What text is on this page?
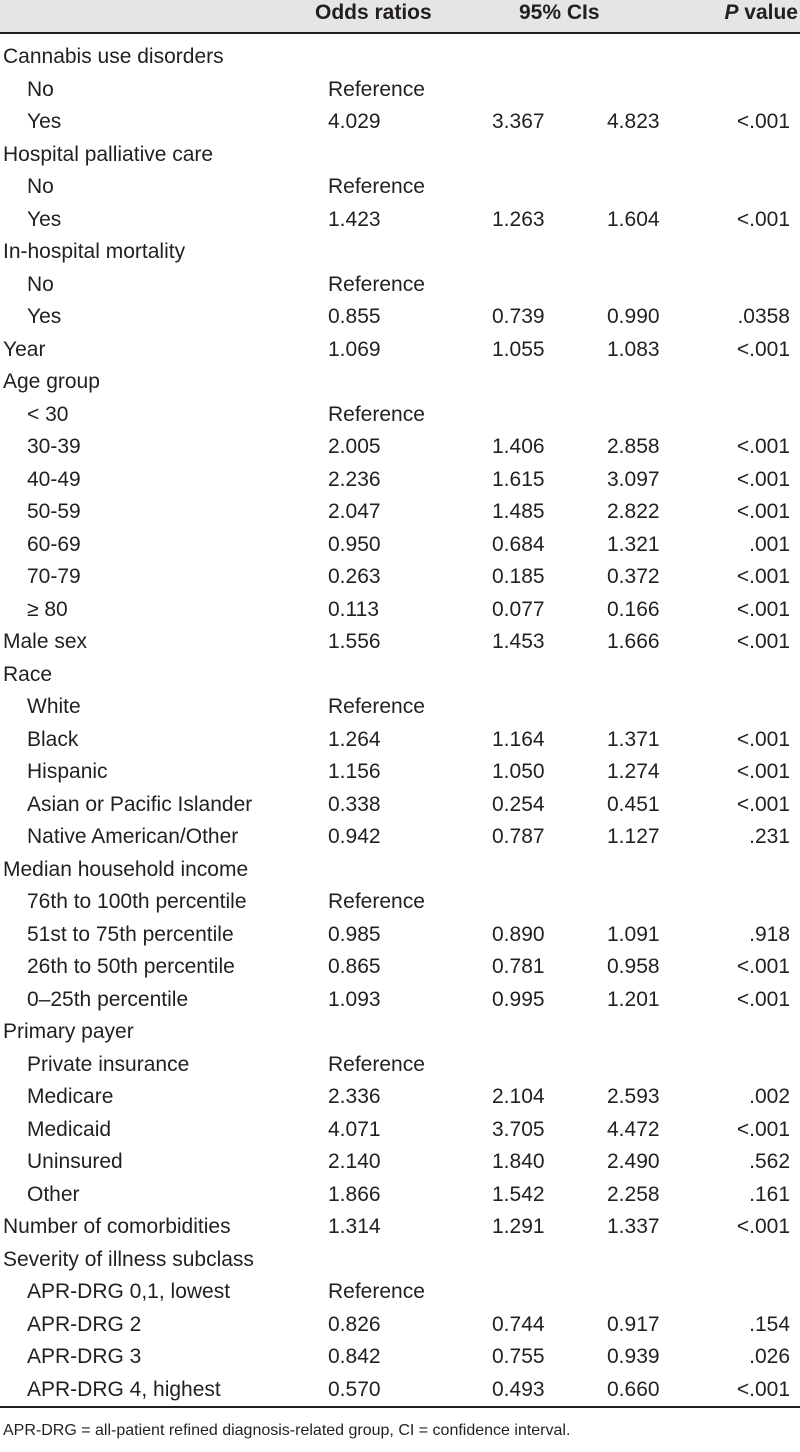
Odds ratios	95% CIs	P value
Cannabis use disorders
No	Reference
Yes	4.029	3.367	4.823	<.001
Hospital palliative care
No	Reference
Yes	1.423	1.263	1.604	<.001
In-hospital mortality
No	Reference
Yes	0.855	0.739	0.990	.0358
Year	1.069	1.055	1.083	<.001
Age group
< 30	Reference
30-39	2.005	1.406	2.858	<.001
40-49	2.236	1.615	3.097	<.001
50-59	2.047	1.485	2.822	<.001
60-69	0.950	0.684	1.321	.001
70-79	0.263	0.185	0.372	<.001
≥ 80	0.113	0.077	0.166	<.001
Male sex	1.556	1.453	1.666	<.001
Race
White	Reference
Black	1.264	1.164	1.371	<.001
Hispanic	1.156	1.050	1.274	<.001
Asian or Pacific Islander	0.338	0.254	0.451	<.001
Native American/Other	0.942	0.787	1.127	.231
Median household income
76th to 100th percentile	Reference
51st to 75th percentile	0.985	0.890	1.091	.918
26th to 50th percentile	0.865	0.781	0.958	<.001
0–25th percentile	1.093	0.995	1.201	<.001
Primary payer
Private insurance	Reference
Medicare	2.336	2.104	2.593	.002
Medicaid	4.071	3.705	4.472	<.001
Uninsured	2.140	1.840	2.490	.562
Other	1.866	1.542	2.258	.161
Number of comorbidities	1.314	1.291	1.337	<.001
Severity of illness subclass
APR-DRG 0,1, lowest	Reference
APR-DRG 2	0.826	0.744	0.917	.154
APR-DRG 3	0.842	0.755	0.939	.026
APR-DRG 4, highest	0.570	0.493	0.660	<.001
APR-DRG = all-patient refined diagnosis-related group, CI = confidence interval.
